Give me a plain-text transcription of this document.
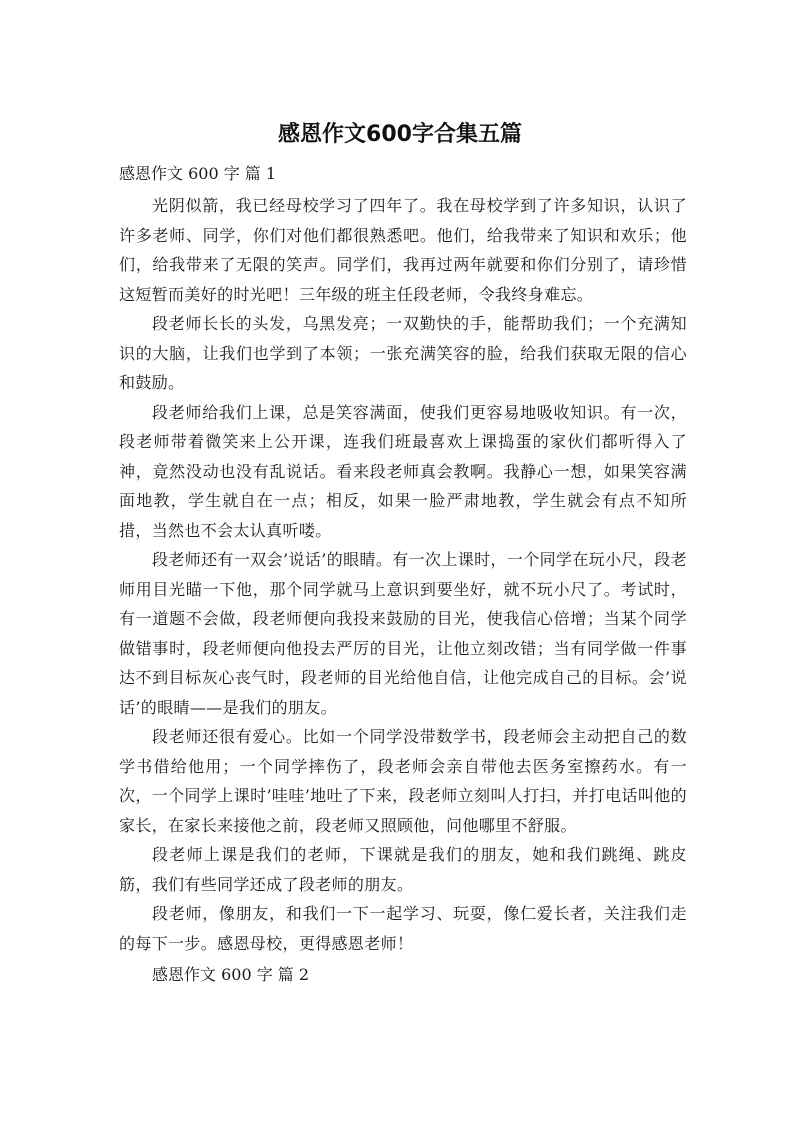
感恩作文600字合集五篇
感恩作文 600 字 篇 1

光阴似箭，我已经母校学习了四年了。我在母校学到了许多知识，认识了许多老师、同学，你们对他们都很熟悉吧。他们，给我带来了知识和欢乐；他们，给我带来了无限的笑声。同学们，我再过两年就要和你们分别了，请珍惜这短暂而美好的时光吧！三年级的班主任段老师，令我终身难忘。

段老师长长的头发，乌黑发亮；一双勤快的手，能帮助我们；一个充满知识的大脑，让我们也学到了本领；一张充满笑容的脸，给我们获取无限的信心和鼓励。

段老师给我们上课，总是笑容满面，使我们更容易地吸收知识。有一次，段老师带着微笑来上公开课，连我们班最喜欢上课捣蛋的家伙们都听得入了神，竟然没动也没有乱说话。看来段老师真会教啊。我静心一想，如果笑容满面地教，学生就自在一点；相反，如果一脸严肃地教，学生就会有点不知所措，当然也不会太认真听喽。

段老师还有一双会’说话’的眼睛。有一次上课时，一个同学在玩小尺，段老师用目光瞄一下他，那个同学就马上意识到要坐好，就不玩小尺了。考试时，有一道题不会做，段老师便向我投来鼓励的目光，使我信心倍增；当某个同学做错事时，段老师便向他投去严厉的目光，让他立刻改错；当有同学做一件事达不到目标灰心丧气时，段老师的目光给他自信，让他完成自己的目标。会’说话’的眼睛——是我们的朋友。

段老师还很有爱心。比如一个同学没带数学书，段老师会主动把自己的数学书借给他用；一个同学摔伤了，段老师会亲自带他去医务室擦药水。有一次，一个同学上课时’哇哇’地吐了下来，段老师立刻叫人打扫，并打电话叫他的家长，在家长来接他之前，段老师又照顾他，问他哪里不舒服。

段老师上课是我们的老师，下课就是我们的朋友，她和我们跳绳、跳皮筋，我们有些同学还成了段老师的朋友。

段老师，像朋友，和我们一下一起学习、玩耍，像仁爱长者，关注我们走的每下一步。感恩母校，更得感恩老师！

感恩作文 600 字 篇 2
